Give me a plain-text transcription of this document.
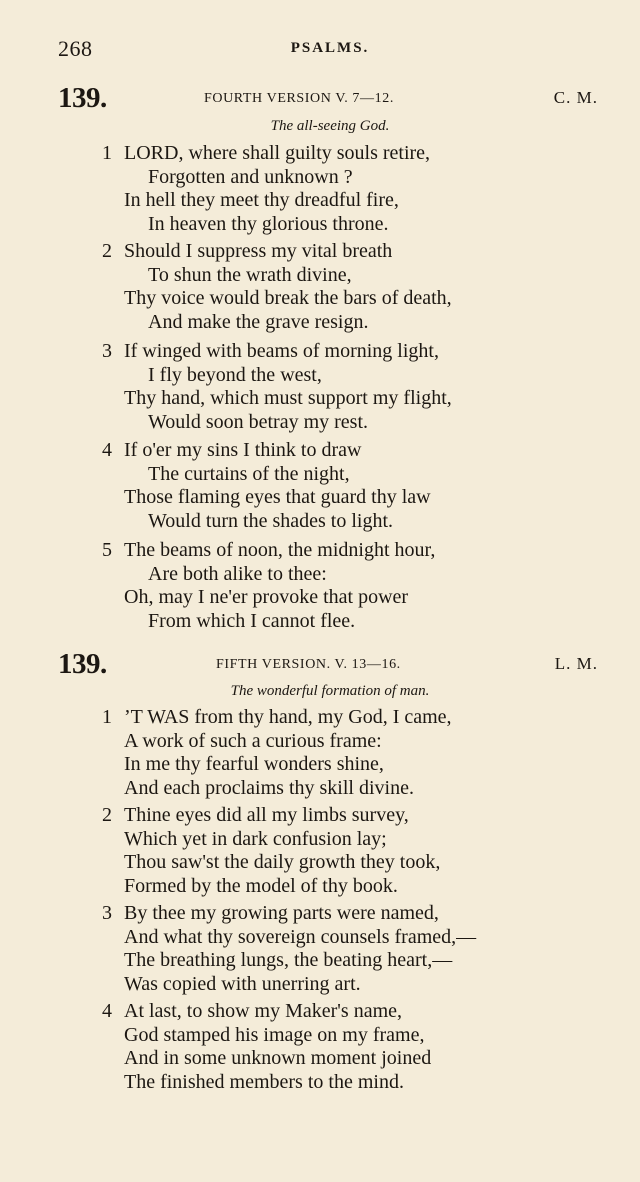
268	PSALMS.
139.	FOURTH VERSION V. 7—12.	C. M.
The all-seeing God.
1 LORD, where shall guilty souls retire,
Forgotten and unknown ?
In hell they meet thy dreadful fire,
In heaven thy glorious throne.
2 Should I suppress my vital breath
To shun the wrath divine,
Thy voice would break the bars of death,
And make the grave resign.
3 If winged with beams of morning light,
I fly beyond the west,
Thy hand, which must support my flight,
Would soon betray my rest.
4 If o'er my sins I think to draw
The curtains of the night,
Those flaming eyes that guard thy law
Would turn the shades to light.
5 The beams of noon, the midnight hour,
Are both alike to thee:
Oh, may I ne'er provoke that power
From which I cannot flee.
139.	FIFTH VERSION. V. 13—16.	L. M.
The wonderful formation of man.
1 ’T WAS from thy hand, my God, I came,
A work of such a curious frame:
In me thy fearful wonders shine,
And each proclaims thy skill divine.
2 Thine eyes did all my limbs survey,
Which yet in dark confusion lay;
Thou saw'st the daily growth they took,
Formed by the model of thy book.
3 By thee my growing parts were named,
And what thy sovereign counsels framed,—
The breathing lungs, the beating heart,—
Was copied with unerring art.
4 At last, to show my Maker's name,
God stamped his image on my frame,
And in some unknown moment joined
The finished members to the mind.
